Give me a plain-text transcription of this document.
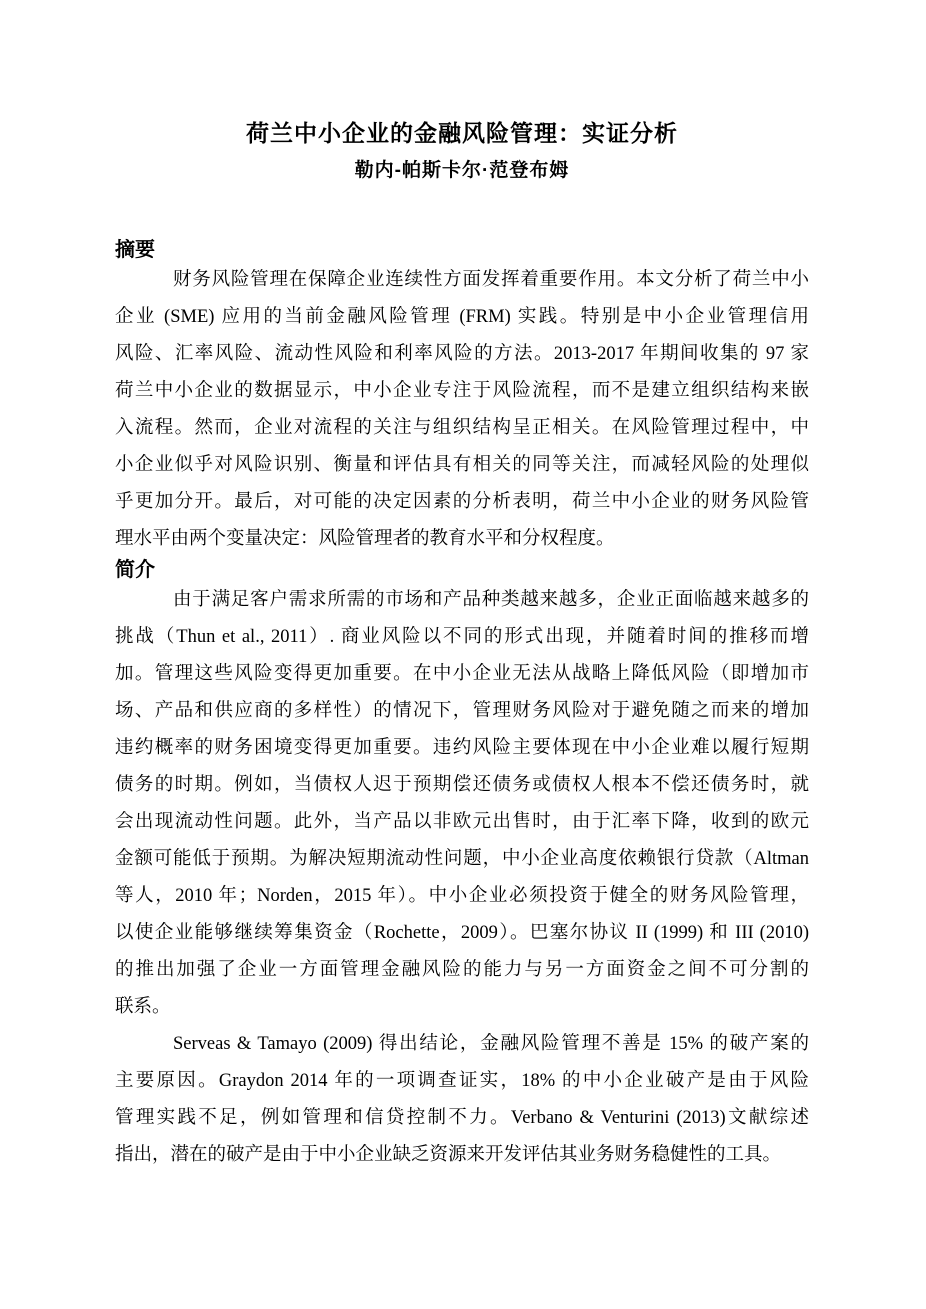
荷兰中小企业的金融风险管理：实证分析
勒内-帕斯卡尔·范登布姆
摘要
财务风险管理在保障企业连续性方面发挥着重要作用。本文分析了荷兰中小
企业 (SME) 应用的当前金融风险管理 (FRM) 实践。特别是中小企业管理信用
风险、汇率风险、流动性风险和利率风险的方法。2013-2017 年期间收集的 97 家
荷兰中小企业的数据显示，中小企业专注于风险流程，而不是建立组织结构来嵌
入流程。然而，企业对流程的关注与组织结构呈正相关。在风险管理过程中，中
小企业似乎对风险识别、衡量和评估具有相关的同等关注，而减轻风险的处理似
乎更加分开。最后，对可能的决定因素的分析表明，荷兰中小企业的财务风险管
理水平由两个变量决定：风险管理者的教育水平和分权程度。
简介
由于满足客户需求所需的市场和产品种类越来越多，企业正面临越来越多的
挑战（Thun et al., 2011）. 商业风险以不同的形式出现，并随着时间的推移而增
加。管理这些风险变得更加重要。在中小企业无法从战略上降低风险（即增加市
场、产品和供应商的多样性）的情况下，管理财务风险对于避免随之而来的增加
违约概率的财务困境变得更加重要。违约风险主要体现在中小企业难以履行短期
债务的时期。例如，当债权人迟于预期偿还债务或债权人根本不偿还债务时，就
会出现流动性问题。此外，当产品以非欧元出售时，由于汇率下降，收到的欧元
金额可能低于预期。为解决短期流动性问题，中小企业高度依赖银行贷款（Altman
等人，2010 年；Norden，2015 年）。中小企业必须投资于健全的财务风险管理，
以使企业能够继续筹集资金（Rochette，2009）。巴塞尔协议 II (1999) 和 III (2010)
的推出加强了企业一方面管理金融风险的能力与另一方面资金之间不可分割的
联系。
Serveas & Tamayo (2009) 得出结论，金融风险管理不善是 15% 的破产案的
主要原因。Graydon 2014 年的一项调查证实，18% 的中小企业破产是由于风险
管理实践不足，例如管理和信贷控制不力。Verbano & Venturini (2013)文献综述
指出，潜在的破产是由于中小企业缺乏资源来开发评估其业务财务稳健性的工具。
